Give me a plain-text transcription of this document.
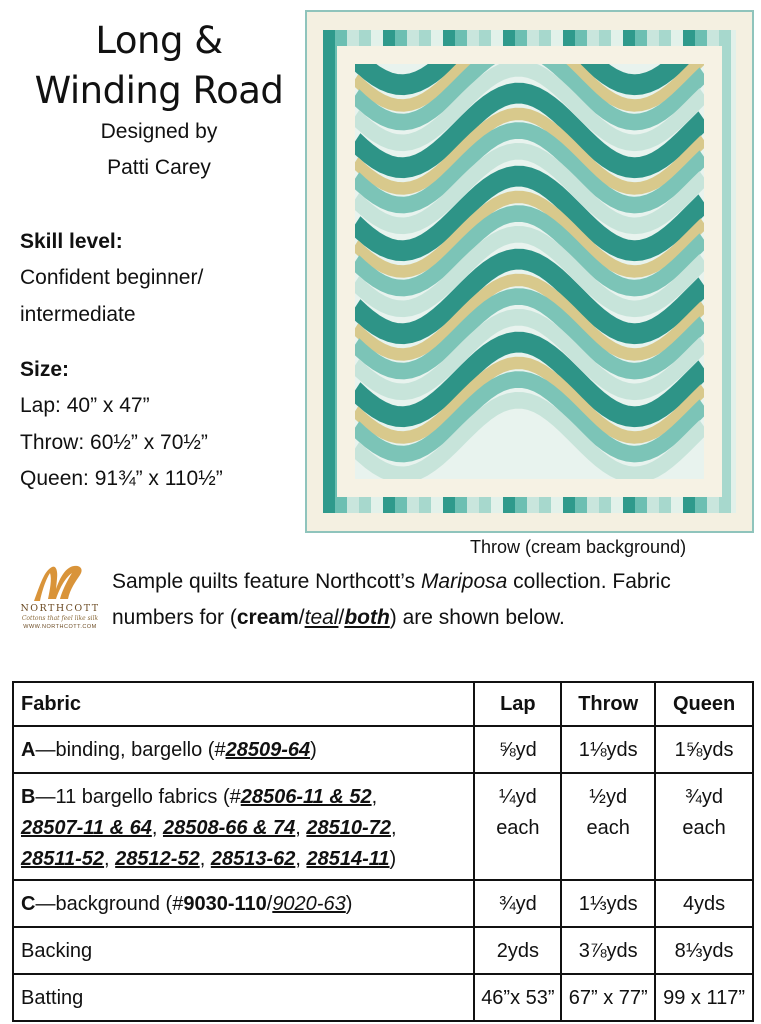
Long &
Winding Road
Designed by
Patti Carey
Skill level:
Confident beginner/
intermediate
Size:
Lap: 40” x 47”
Throw: 60½” x 70½”
Queen: 91¾” x 110½”
Throw (cream background)
NORTHCOTT
Cottons that feel like silk
WWW.NORTHCOTT.COM
Sample quilts feature Northcott’s Mariposa collection. Fabric
numbers for (cream/teal/both) are shown below.
Fabric	Lap	Throw	Queen
A—binding, bargello (#28509-64)	⅝yd	1⅛yds	1⅝yds
B—11 bargello fabrics (#28506-11 & 52,
28507-11 & 64, 28508-66 & 74, 28510-72,
28511-52, 28512-52, 28513-62, 28514-11)	¼yd
each	½yd
each	¾yd
each
C—background (#9030-110/9020-63)	¾yd	1⅓yds	4yds
Backing	2yds	3⅞yds	8⅓yds
Batting	46”x 53”	67” x 77”	99 x 117”
